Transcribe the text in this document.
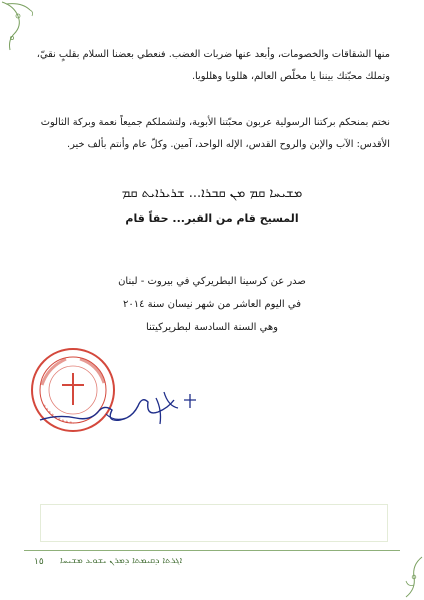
منها الشقاقات والخصومات، وأبعد عنها ضربات الغضب. فنعطي بعضنا السلام بقلبٍ نقيّ، وتملك محبّتك بيننا يا مخلّص العالم، هللويا وهللويا.
نختم بمنحكم بركتنا الرسولية عربون محبّتنا الأبوية، ولتشملكم جميعاً نعمة وبركة الثالوث الأقدس: الآب والإبن والروح القدس، الإله الواحد، آمين. وكلّ عام وأنتم بألف خير.
ܡܫܝܚܐ ܩܡ ܡܢ ܩܒܪܐ... ܫܪܝܪܐܝܬ ܩܡ
المسيح قام من القبر... حقاً قام
صدر عن كرسينا البطريركي في بيروت - لبنان
في اليوم العاشر من شهر نيسان سنة ٢٠١٤
وهي السنة السادسة لبطريركيتنا
١٥ ܐܓܪܬܐ ܕܩܝܡܬܐ ܕܡܪܢ ܝܫܘܥ ܡܫܝܚܐ
